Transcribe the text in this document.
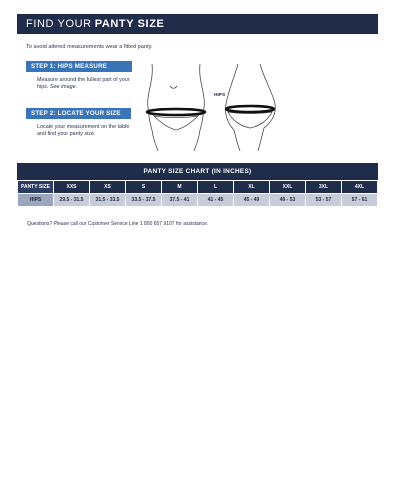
FIND YOUR PANTY SIZE
To avoid altered measurements wear a fitted panty.
STEP 1: HIPS MEASURE
Measure around the fullest part of your hips. See image.
STEP 2: LOCATE YOUR SIZE
Locate your measurement on the table and find your panty size.
HIPS
PANTY SIZE CHART (IN INCHES)
PANTY SIZE	XXS	XS	S	M	L	XL	XXL	3XL	4XL
HIPS	29.5 - 31.5	31.5 - 33.5	33.5 - 37.5	37.5 - 41	41 - 45	45 - 49	49 - 53	53 - 57	57 - 61
Questions? Please call our Customer Service Line 1 800 657 9107 for assistance.
